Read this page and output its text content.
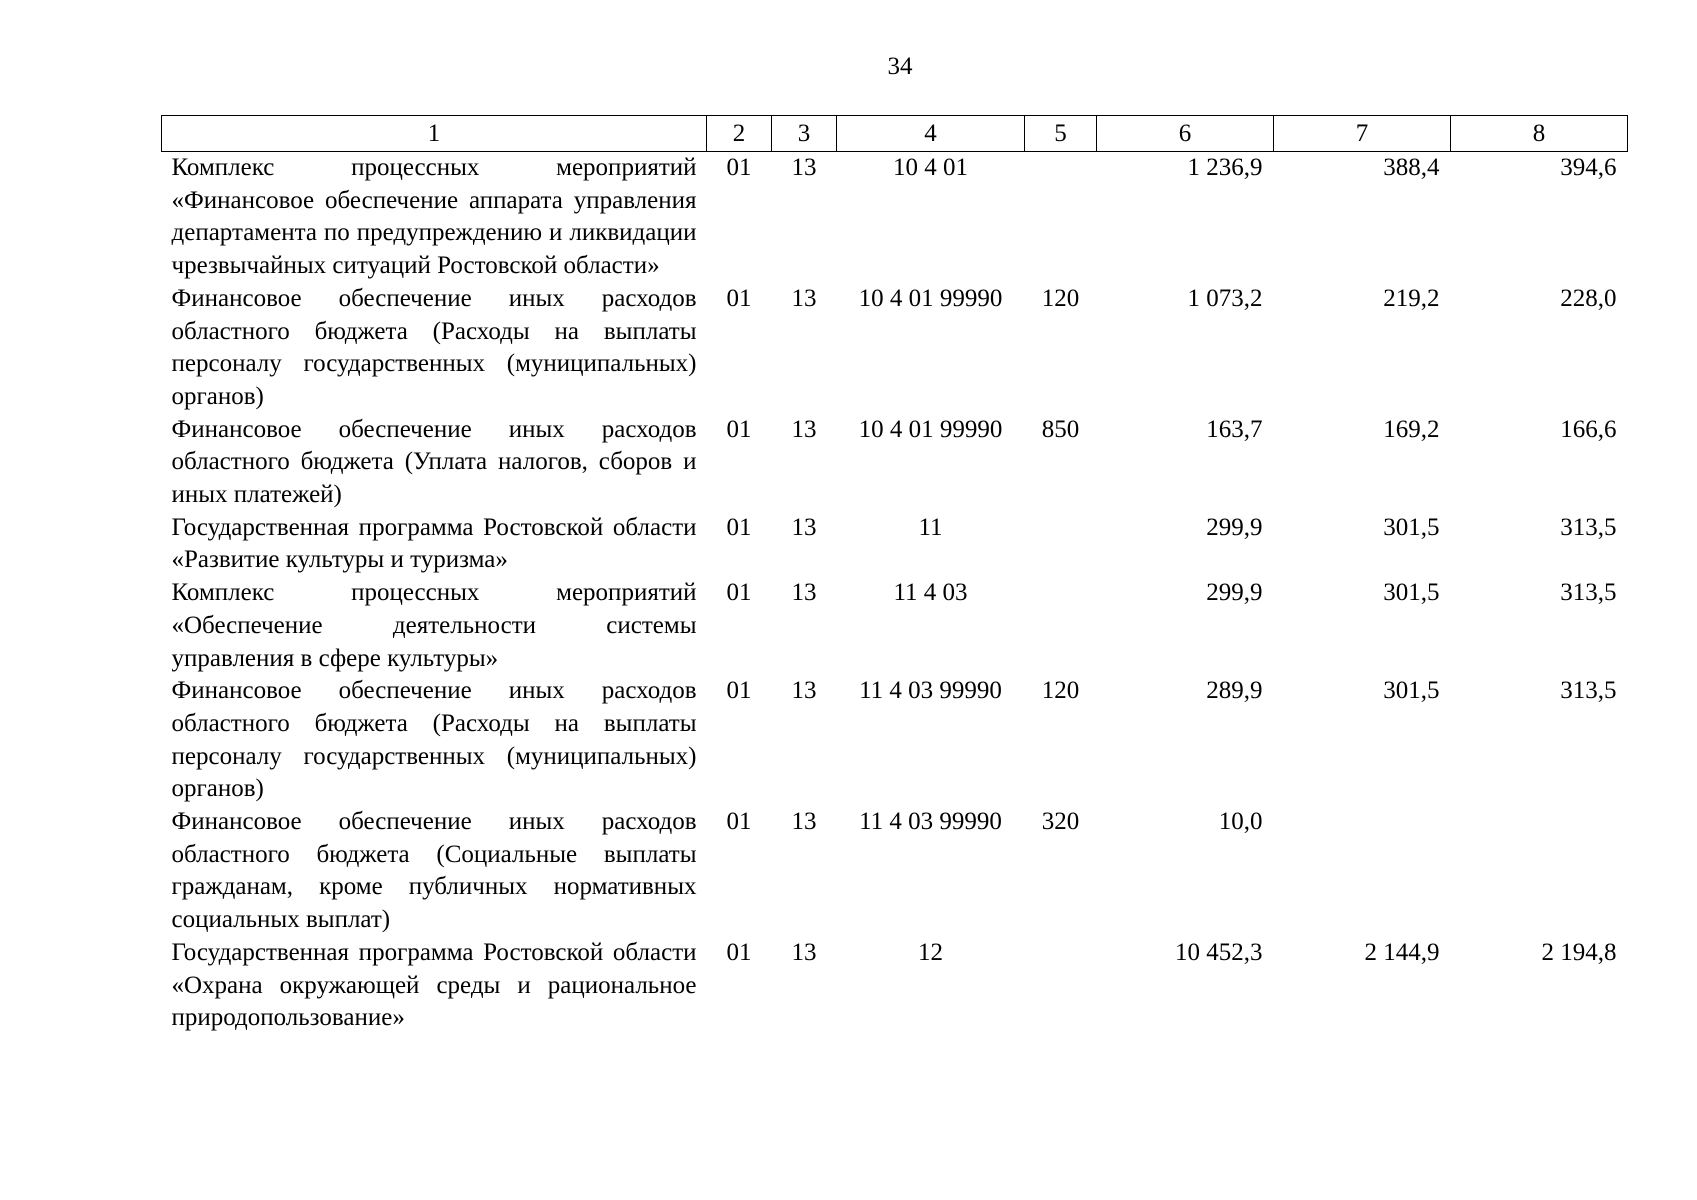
34
1	2	3	4	5	6	7	8
Комплекс процессных мероприятий «Финансовое обеспечение аппарата управления департамента по предупреждению и ликвидации чрезвычайных ситуаций Ростовской области»	01	13	10 4 01		1 236,9	388,4	394,6
Финансовое обеспечение иных расходов областного бюджета (Расходы на выплаты персоналу государственных (муниципальных) органов)	01	13	10 4 01 99990	120	1 073,2	219,2	228,0
Финансовое обеспечение иных расходов областного бюджета (Уплата налогов, сборов и иных платежей)	01	13	10 4 01 99990	850	163,7	169,2	166,6
Государственная программа Ростовской области «Развитие культуры и туризма»	01	13	11		299,9	301,5	313,5
Комплекс процессных мероприятий «Обеспечение деятельности системы управления в сфере культуры»	01	13	11 4 03		299,9	301,5	313,5
Финансовое обеспечение иных расходов областного бюджета (Расходы на выплаты персоналу государственных (муниципальных) органов)	01	13	11 4 03 99990	120	289,9	301,5	313,5
Финансовое обеспечение иных расходов областного бюджета (Социальные выплаты гражданам, кроме публичных нормативных социальных выплат)	01	13	11 4 03 99990	320	10,0		
Государственная программа Ростовской области «Охрана окружающей среды и рациональное природопользование»	01	13	12		10 452,3	2 144,9	2 194,8
